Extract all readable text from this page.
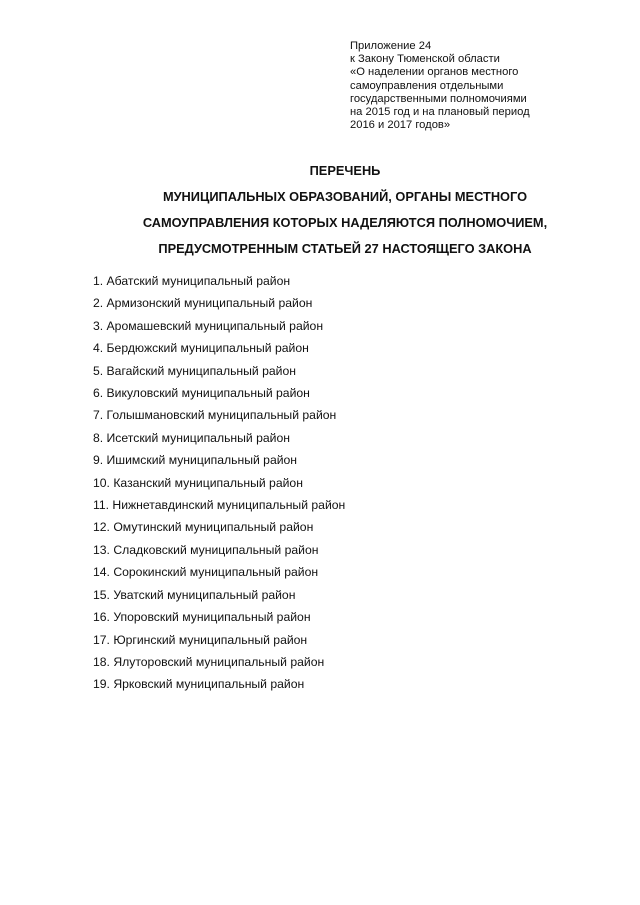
Приложение 24
к Закону Тюменской области
«О наделении органов местного
самоуправления отдельными
государственными полномочиями
на 2015 год и на плановый период
2016 и 2017 годов»
ПЕРЕЧЕНЬ
МУНИЦИПАЛЬНЫХ ОБРАЗОВАНИЙ, ОРГАНЫ МЕСТНОГО
САМОУПРАВЛЕНИЯ КОТОРЫХ НАДЕЛЯЮТСЯ ПОЛНОМОЧИЕМ,
ПРЕДУСМОТРЕННЫМ СТАТЬЕЙ 27 НАСТОЯЩЕГО ЗАКОНА
1. Абатский муниципальный район
2. Армизонский муниципальный район
3. Аромашевский муниципальный район
4. Бердюжский муниципальный район
5. Вагайский муниципальный район
6. Викуловский муниципальный район
7. Голышмановский муниципальный район
8. Исетский муниципальный район
9. Ишимский муниципальный район
10. Казанский муниципальный район
11. Нижнетавдинский муниципальный район
12. Омутинский муниципальный район
13. Сладковский муниципальный район
14. Сорокинский муниципальный район
15. Уватский муниципальный район
16. Упоровский муниципальный район
17. Юргинский муниципальный район
18. Ялуторовский муниципальный район
19. Ярковский муниципальный район
